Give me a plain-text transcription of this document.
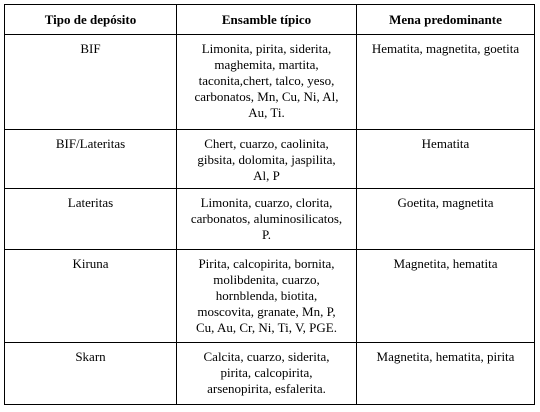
Tipo de depósito	Ensamble típico	Mena predominante
BIF	Limonita, pirita, siderita,
maghemita, martita,
taconita,chert, talco, yeso,
carbonatos, Mn, Cu, Ni, Al,
Au, Ti.	Hematita, magnetita, goetita
BIF/Lateritas	Chert, cuarzo, caolinita,
gibsita, dolomita, jaspilita,
Al, P	Hematita
Lateritas	Limonita, cuarzo, clorita,
carbonatos, aluminosilicatos,
P.	Goetita, magnetita
Kiruna	Pirita, calcopirita, bornita,
molibdenita, cuarzo,
hornblenda, biotita,
moscovita, granate, Mn, P,
Cu, Au, Cr, Ni, Ti, V, PGE.	Magnetita, hematita
Skarn	Calcita, cuarzo, siderita,
pirita, calcopirita,
arsenopirita, esfalerita.	Magnetita, hematita, pirita
